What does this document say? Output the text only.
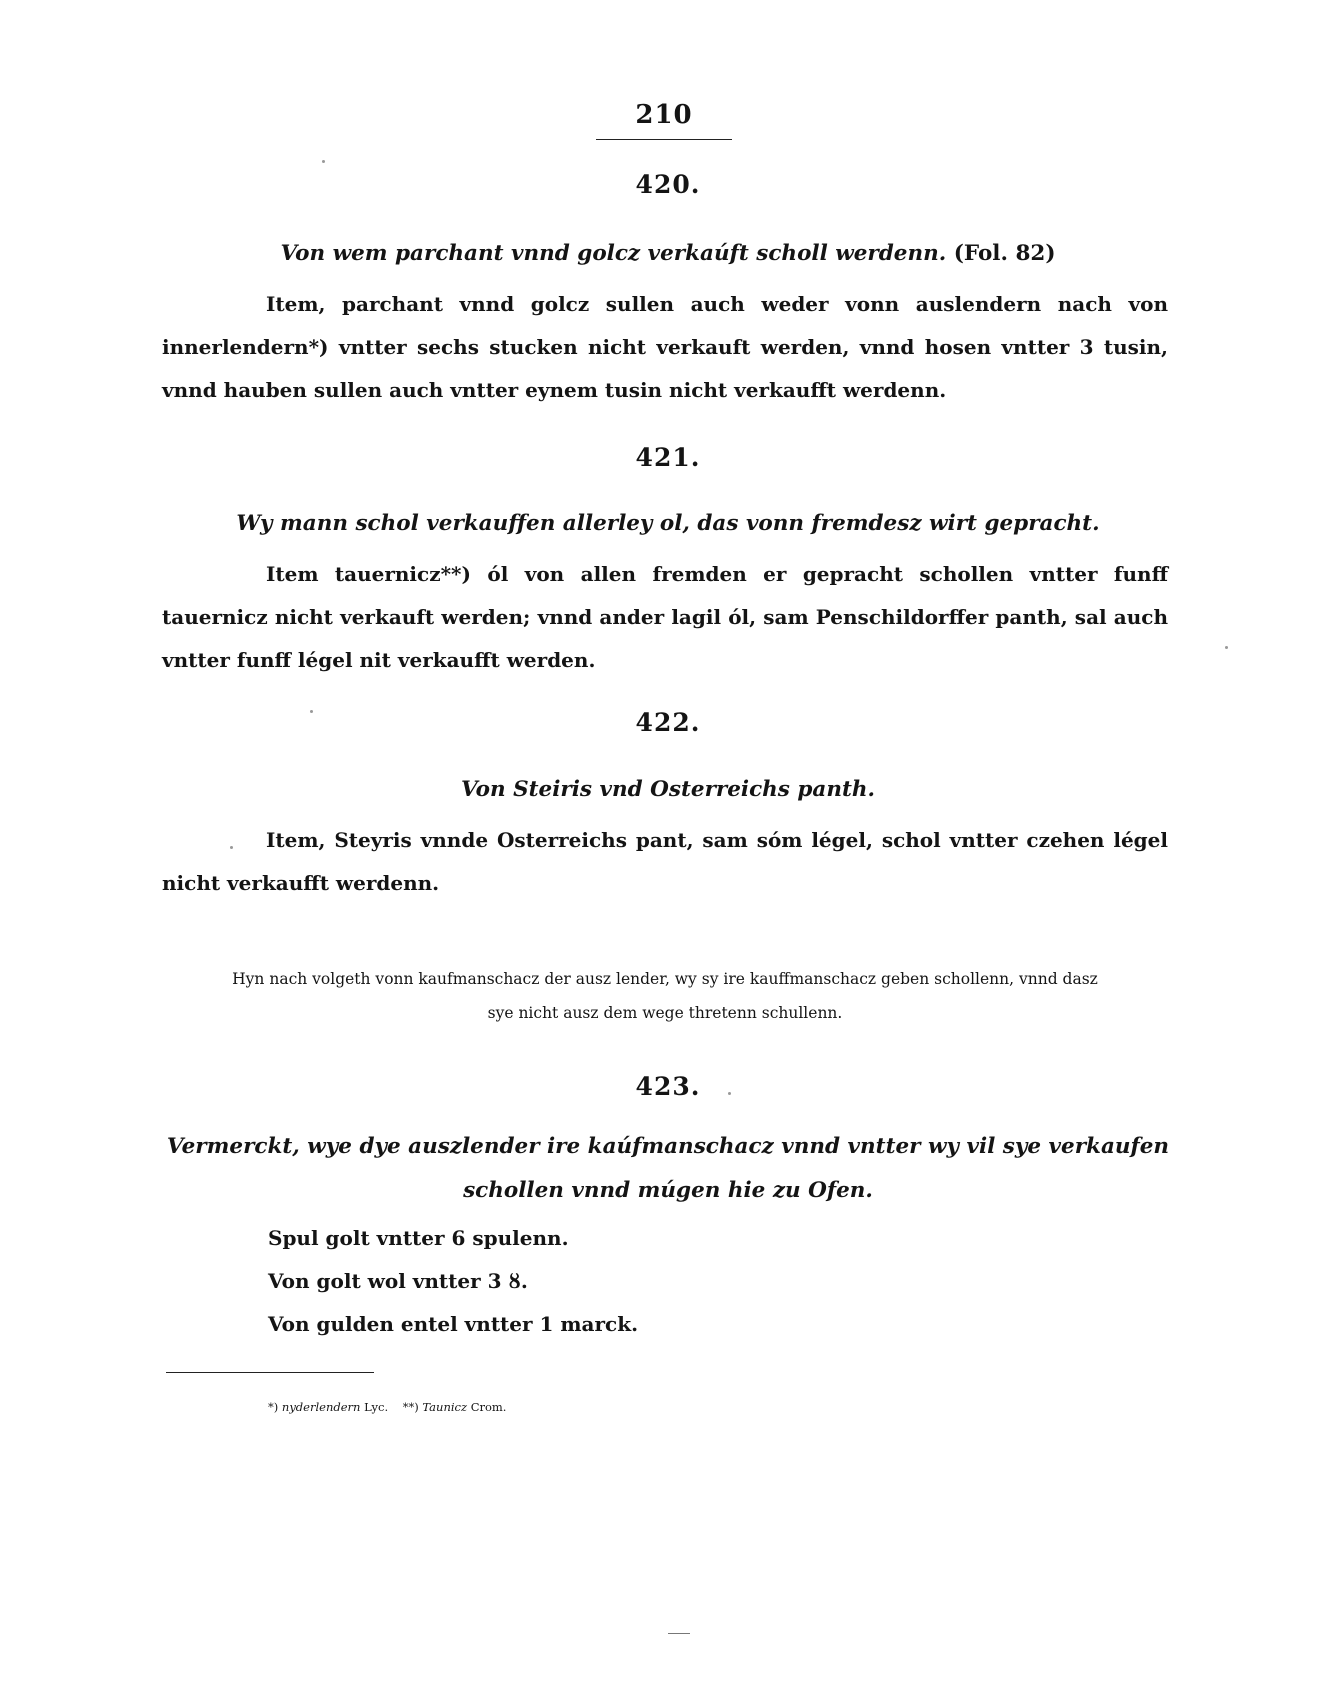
210
420.
Von wem parchant vnnd golcz verkaúft scholl werdenn. (Fol. 82)
Item, parchant vnnd golcz sullen auch weder vonn auslendern nach von innerlendern*) vntter sechs stucken nicht verkauft werden, vnnd hosen vntter 3 tusin, vnnd hauben sullen auch vntter eynem tusin nicht verkaufft werdenn.
421.
Wy mann schol verkauffen allerley ol, das vonn fremdesz wirt gepracht.
Item tauernicz**) ól von allen fremden er gepracht schollen vntter funff tauernicz nicht verkauft werden; vnnd ander lagil ól, sam Penschildorffer panth, sal auch vntter funff légel nit verkaufft werden.
422.
Von Steiris vnd Osterreichs panth.
Item, Steyris vnnde Osterreichs pant, sam sóm légel, schol vntter czehen légel nicht verkaufft werdenn.
Hyn nach volgeth vonn kaufmanschacz der ausz lender, wy sy ire kauffmanschacz geben schollenn, vnnd dasz
sye nicht ausz dem wege thretenn schullenn.
423.
Vermerckt, wye dye auszlender ire kaúfmanschacz vnnd vntter wy vil sye verkaufen
schollen vnnd múgen hie zu Ofen.
Spul golt vntter 6 spulenn.
Von golt wol vntter 3 ȣ.
Von gulden entel vntter 1 marck.
*) nyderlendern Lyc. **) Taunicz Crom.
